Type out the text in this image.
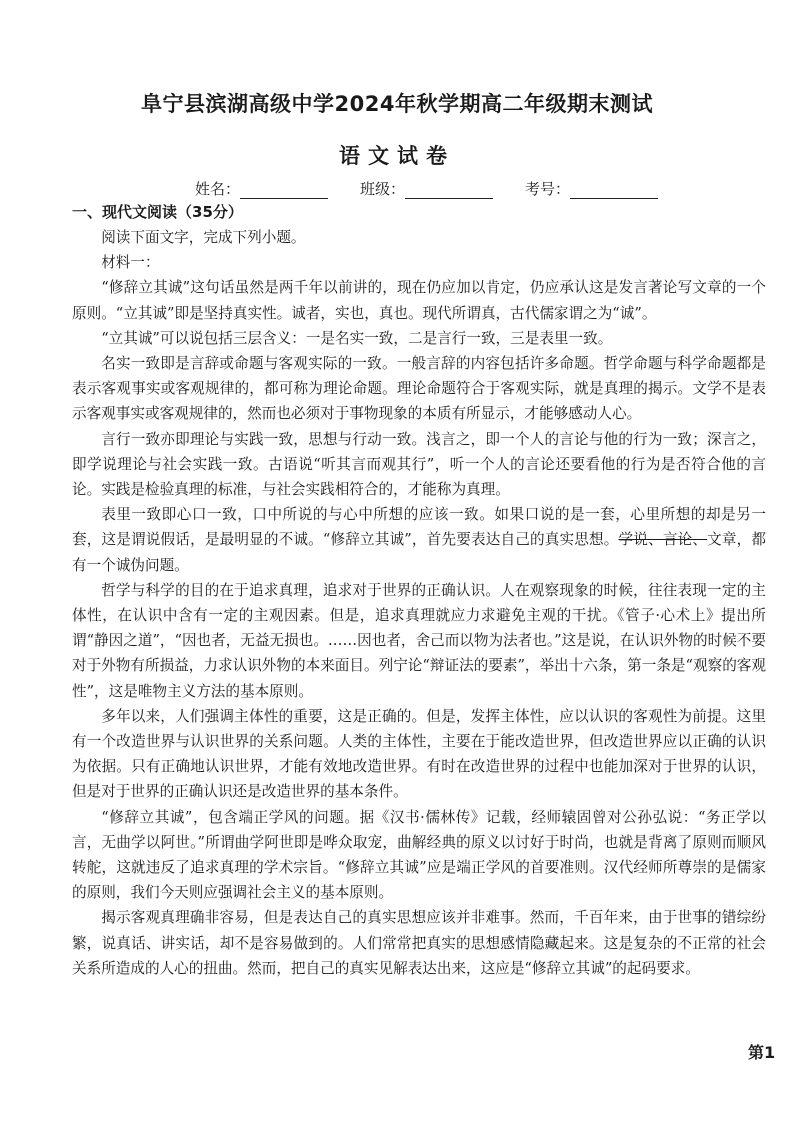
阜宁县滨湖高级中学2024年秋学期高二年级期末测试
语文试卷
姓名：	班级：	考号：
一、现代文阅读（35分）

阅读下面文字，完成下列小题。

材料一：

“修辞立其诚”这句话虽然是两千年以前讲的，现在仍应加以肯定，仍应承认这是发言著论写文章的一个原则。“立其诚”即是坚持真实性。诚者，实也，真也。现代所谓真，古代儒家谓之为“诚”。

“立其诚”可以说包括三层含义：一是名实一致，二是言行一致，三是表里一致。

名实一致即是言辞或命题与客观实际的一致。一般言辞的内容包括许多命题。哲学命题与科学命题都是表示客观事实或客观规律的，都可称为理论命题。理论命题符合于客观实际，就是真理的揭示。文学不是表示客观事实或客观规律的，然而也必须对于事物现象的本质有所显示，才能够感动人心。

言行一致亦即理论与实践一致，思想与行动一致。浅言之，即一个人的言论与他的行为一致；深言之，即学说理论与社会实践一致。古语说“听其言而观其行”，听一个人的言论还要看他的行为是否符合他的言论。实践是检验真理的标准，与社会实践相符合的，才能称为真理。

表里一致即心口一致，口中所说的与心中所想的应该一致。如果口说的是一套，心里所想的却是另一套，这是谓说假话，是最明显的不诚。“修辞立其诚”，首先要表达自己的真实思想。学说、言论、文章，都有一个诚伪问题。

哲学与科学的目的在于追求真理，追求对于世界的正确认识。人在观察现象的时候，往往表现一定的主体性，在认识中含有一定的主观因素。但是，追求真理就应力求避免主观的干扰。《管子·心术上》提出所谓“静因之道”，“因也者，无益无损也。……因也者，舍己而以物为法者也。”这是说，在认识外物的时候不要对于外物有所损益，力求认识外物的本来面目。列宁论“辩证法的要素”，举出十六条，第一条是“观察的客观性”，这是唯物主义方法的基本原则。

多年以来，人们强调主体性的重要，这是正确的。但是，发挥主体性，应以认识的客观性为前提。这里有一个改造世界与认识世界的关系问题。人类的主体性，主要在于能改造世界，但改造世界应以正确的认识为依据。只有正确地认识世界，才能有效地改造世界。有时在改造世界的过程中也能加深对于世界的认识，但是对于世界的正确认识还是改造世界的基本条件。

“修辞立其诚”，包含端正学风的问题。据《汉书·儒林传》记载，经师辕固曾对公孙弘说：“务正学以言，无曲学以阿世。”所谓曲学阿世即是哗众取宠，曲解经典的原义以讨好于时尚，也就是背离了原则而顺风转舵，这就违反了追求真理的学术宗旨。“修辞立其诚”应是端正学风的首要准则。汉代经师所尊崇的是儒家的原则，我们今天则应强调社会主义的基本原则。

揭示客观真理确非容易，但是表达自己的真实思想应该并非难事。然而，千百年来，由于世事的错综纷繁，说真话、讲实话，却不是容易做到的。人们常常把真实的思想感情隐藏起来。这是复杂的不正常的社会关系所造成的人心的扭曲。然而，把自己的真实见解表达出来，这应是“修辞立其诚”的起码要求。

第1
